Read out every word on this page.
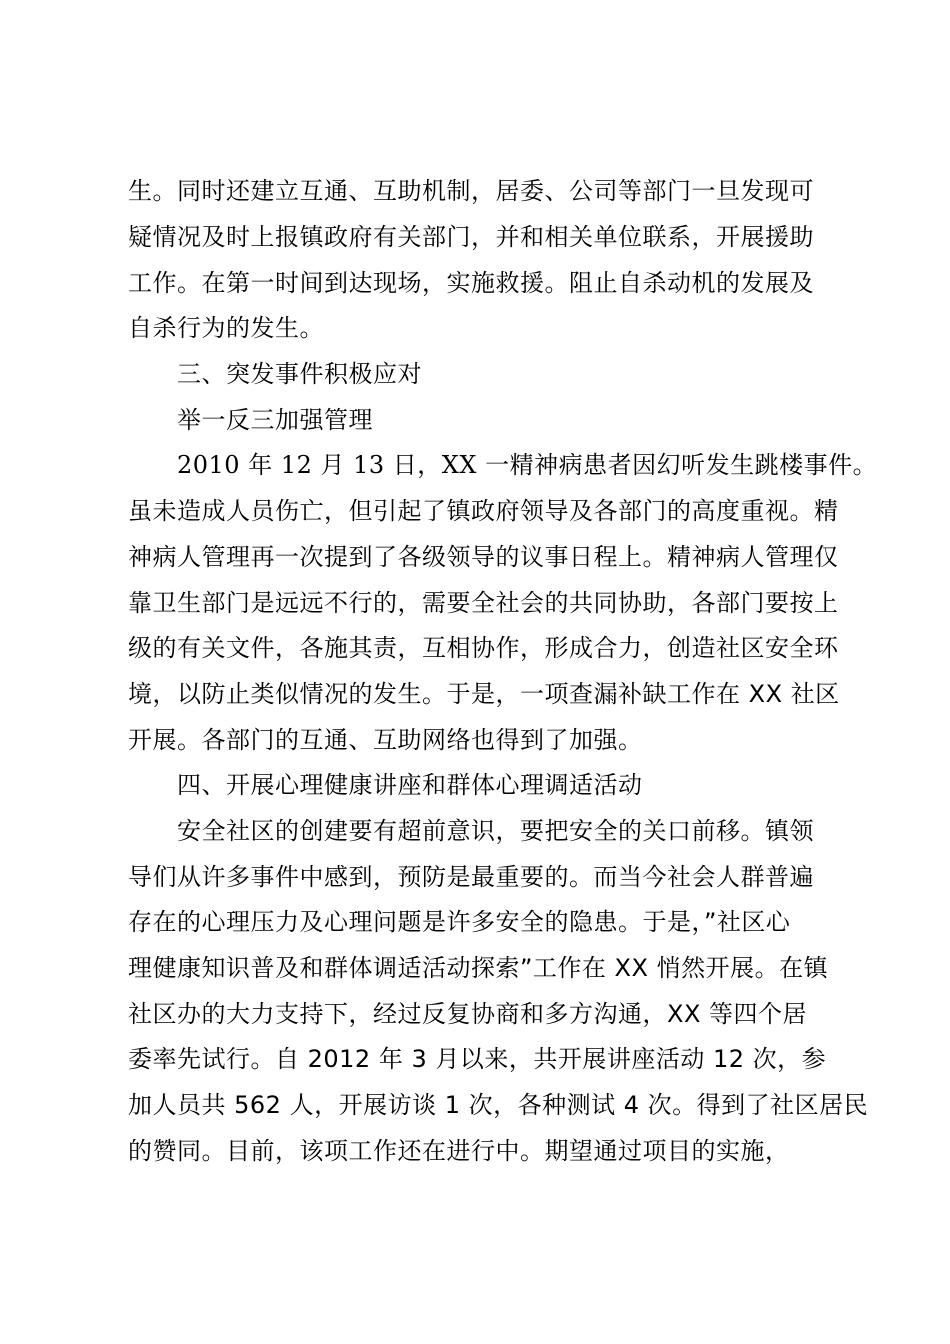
生。同时还建立互通、互助机制，居委、公司等部门一旦发现可
疑情况及时上报镇政府有关部门，并和相关单位联系，开展援助
工作。在第一时间到达现场，实施救援。阻止自杀动机的发展及
自杀行为的发生。
三、突发事件积极应对
举一反三加强管理
2010 年 12 月 13 日，XX 一精神病患者因幻听发生跳楼事件。
虽未造成人员伤亡，但引起了镇政府领导及各部门的高度重视。精
神病人管理再一次提到了各级领导的议事日程上。精神病人管理仅
靠卫生部门是远远不行的，需要全社会的共同协助，各部门要按上
级的有关文件，各施其责，互相协作，形成合力，创造社区安全环
境，以防止类似情况的发生。于是，一项查漏补缺工作在 XX 社区
开展。各部门的互通、互助网络也得到了加强。
四、开展心理健康讲座和群体心理调适活动
安全社区的创建要有超前意识，要把安全的关口前移。镇领
导们从许多事件中感到，预防是最重要的。而当今社会人群普遍
存在的心理压力及心理问题是许多安全的隐患。于是，”社区心
理健康知识普及和群体调适活动探索”工作在 XX 悄然开展。在镇
社区办的大力支持下，经过反复协商和多方沟通，XX 等四个居
委率先试行。自 2012 年 3 月以来，共开展讲座活动 12 次，参
加人员共 562 人，开展访谈 1 次，各种测试 4 次。得到了社区居民
的赞同。目前，该项工作还在进行中。期望通过项目的实施，
